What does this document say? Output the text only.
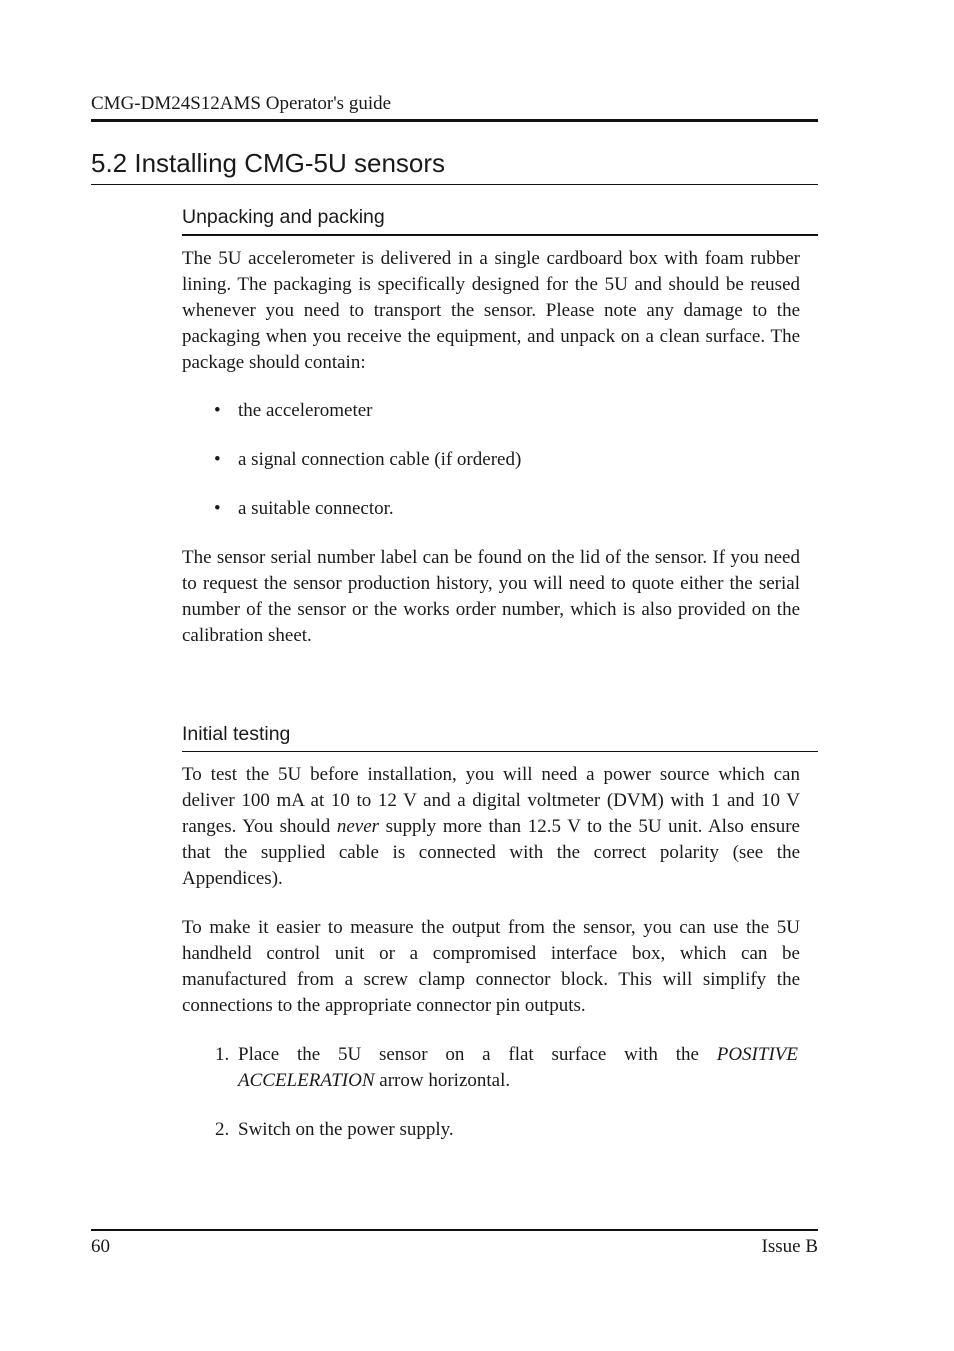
CMG-DM24S12AMS Operator's guide
5.2 Installing CMG-5U sensors
Unpacking and packing

The 5U accelerometer is delivered in a single cardboard box with foam rubber lining. The packaging is specifically designed for the 5U and should be reused whenever you need to transport the sensor. Please note any damage to the packaging when you receive the equipment, and unpack on a clean surface. The package should contain:

• the accelerometer
• a signal connection cable (if ordered)
• a suitable connector.

The sensor serial number label can be found on the lid of the sensor. If you need to request the sensor production history, you will need to quote either the serial number of the sensor or the works order number, which is also provided on the calibration sheet.

Initial testing

To test the 5U before installation, you will need a power source which can deliver 100 mA at 10 to 12 V and a digital voltmeter (DVM) with 1 and 10 V ranges. You should never supply more than 12.5 V to the 5U unit. Also ensure that the supplied cable is connected with the correct polarity (see the Appendices).

To make it easier to measure the output from the sensor, you can use the 5U handheld control unit or a compromised interface box, which can be manufactured from a screw clamp connector block. This will simplify the connections to the appropriate connector pin outputs.

1. Place the 5U sensor on a flat surface with the POSITIVE ACCELERATION arrow horizontal.
2. Switch on the power supply.
60	Issue B
